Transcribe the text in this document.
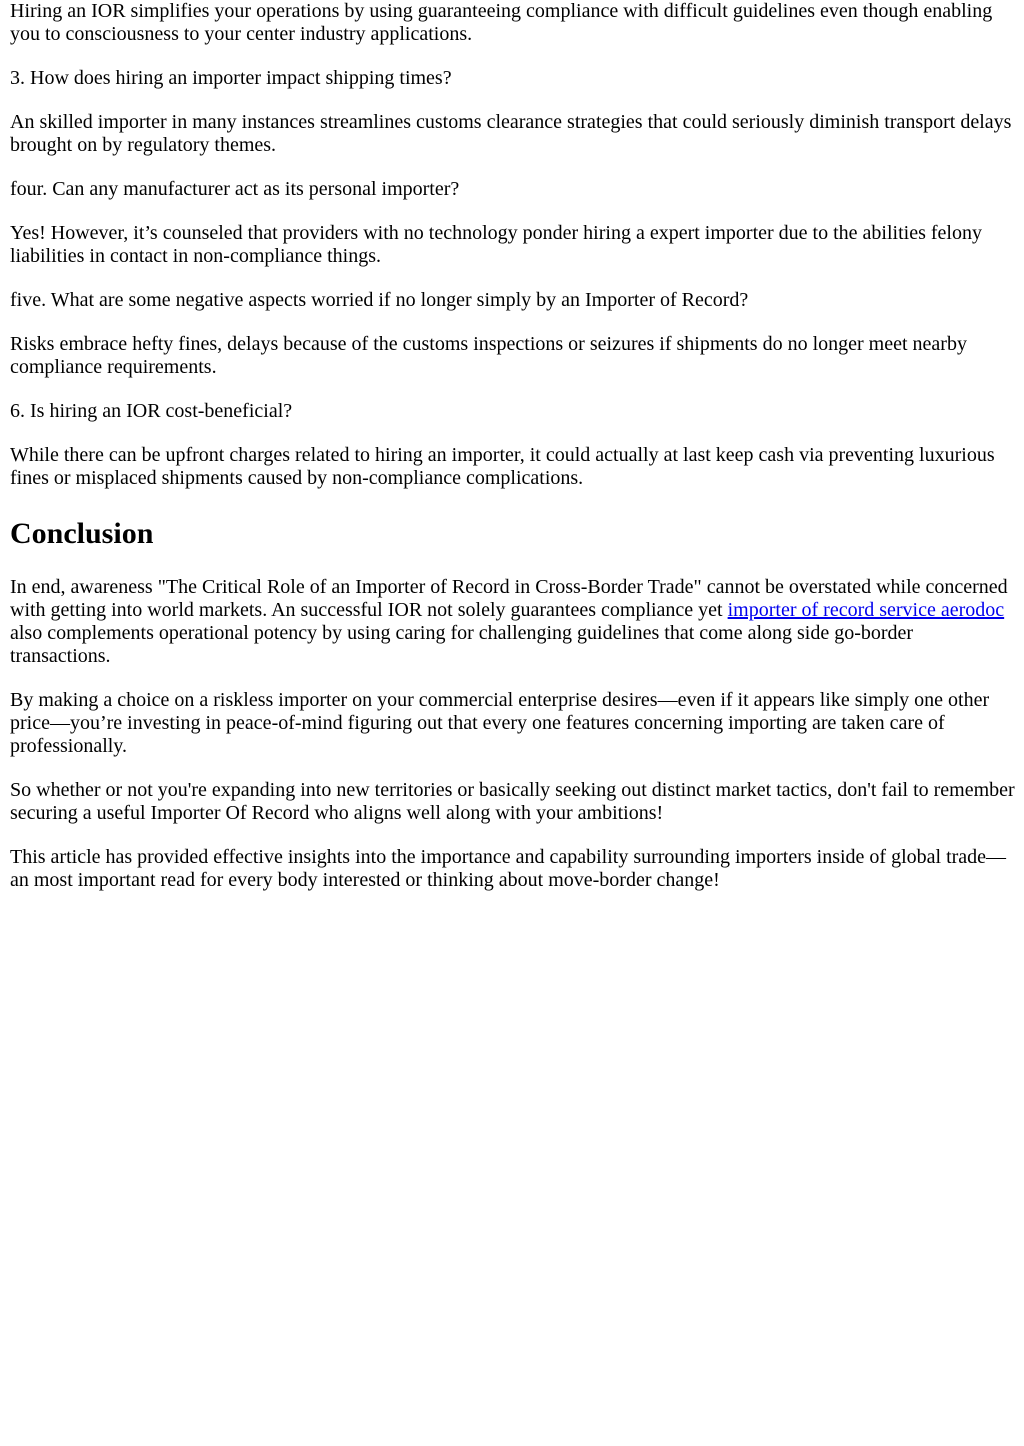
Hiring an IOR simplifies your operations by using guaranteeing compliance with difficult guidelines even though enabling you to consciousness to your center industry applications.

3. How does hiring an importer impact shipping times?

An skilled importer in many instances streamlines customs clearance strategies that could seriously diminish transport delays brought on by regulatory themes.

four. Can any manufacturer act as its personal importer?

Yes! However, it’s counseled that providers with no technology ponder hiring a expert importer due to the abilities felony liabilities in contact in non-compliance things.

five. What are some negative aspects worried if no longer simply by an Importer of Record?

Risks embrace hefty fines, delays because of the customs inspections or seizures if shipments do no longer meet nearby compliance requirements.

6. Is hiring an IOR cost-beneficial?

While there can be upfront charges related to hiring an importer, it could actually at last keep cash via preventing luxurious fines or misplaced shipments caused by non-compliance complications.

Conclusion

In end, awareness "The Critical Role of an Importer of Record in Cross-Border Trade" cannot be overstated while concerned with getting into world markets. An successful IOR not solely guarantees compliance yet importer of record service aerodoc also complements operational potency by using caring for challenging guidelines that come along side go-border transactions.

By making a choice on a riskless importer on your commercial enterprise desires—even if it appears like simply one other price—you’re investing in peace-of-mind figuring out that every one features concerning importing are taken care of professionally.

So whether or not you're expanding into new territories or basically seeking out distinct market tactics, don't fail to remember securing a useful Importer Of Record who aligns well along with your ambitions!

This article has provided effective insights into the importance and capability surrounding importers inside of global trade—an most important read for every body interested or thinking about move-border change!
